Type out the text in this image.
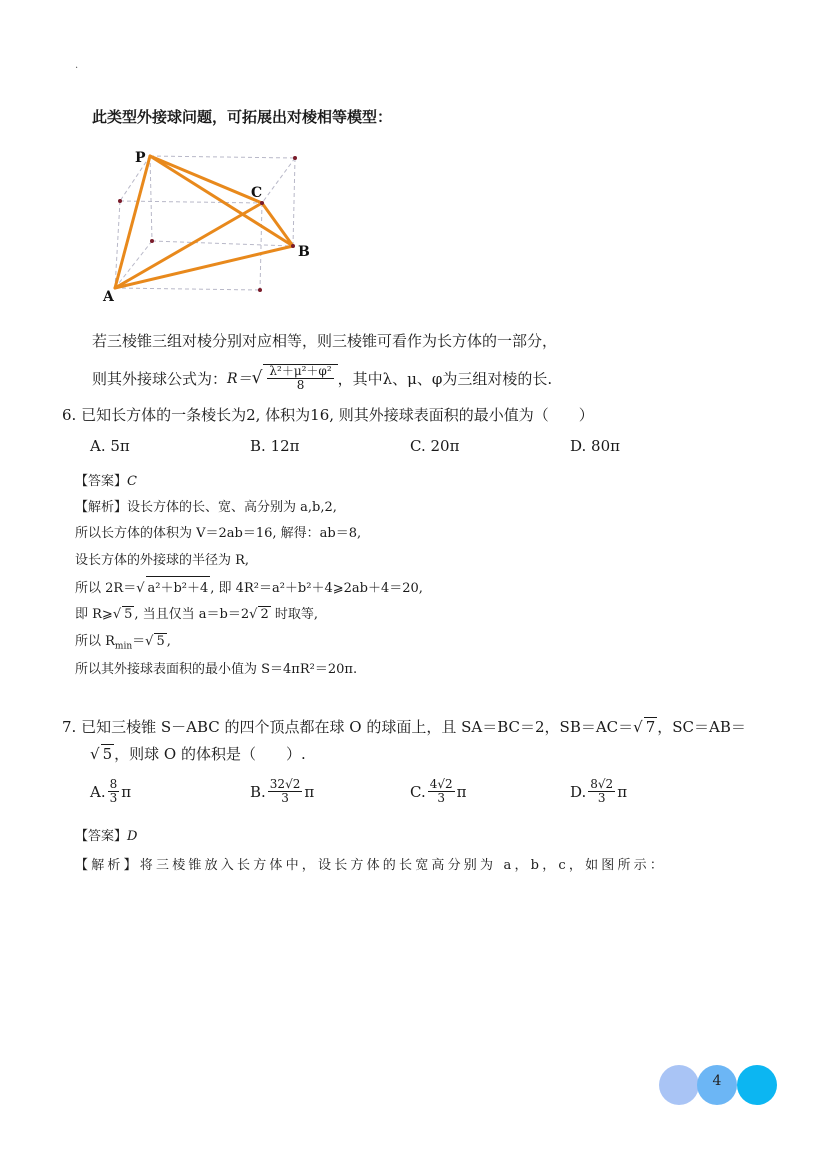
.
此类型外接球问题，可拓展出对棱相等模型：
P
C
B
A
若三棱锥三组对棱分别对应相等，则三棱锥可看作为长方体的一部分，
则其外接球公式为： R＝ √ $\frac{\text{λ²＋μ²＋φ²}}{8}$ ，其中λ、μ、φ为三组对棱的长.
6. 已知长方体的一条棱长为2, 体积为16, 则其外接球表面积的最小值为（　　）
A. 5π	B. 12π	C. 20π	D. 80π
【答案】C
【解析】设长方体的长、宽、高分别为 a,b,2,
所以长方体的体积为 V＝2ab＝16, 解得：ab＝8,
设长方体的外接球的半径为 R,
所以 2R＝√ a²＋b²＋4 , 即 4R²＝a²＋b²＋4⩾2ab＋4＝20,
即 R⩾√ 5 , 当且仅当 a＝b＝2√ 2 时取等,
所以 $R_{min}=√$ 5 ,
所以其外接球表面积的最小值为 S＝4πR²＝20π.
7. 已知三棱锥 S－ABC 的四个顶点都在球 O 的球面上，且 SA＝BC＝2，SB＝AC＝√ 7 ，SC＝AB＝
√ 5 ，则球 O 的体积是（　　）.
A. $\frac{8}{3}$ π	B. $\frac{32√2}{3}$ π	C. $\frac{4√2}{3}$ π	D. $\frac{8√2}{3}$ π
【答案】D
【解析】将三棱锥放入长方体中，设长方体的长宽高分别为 a，b，c，如图所示：
4
